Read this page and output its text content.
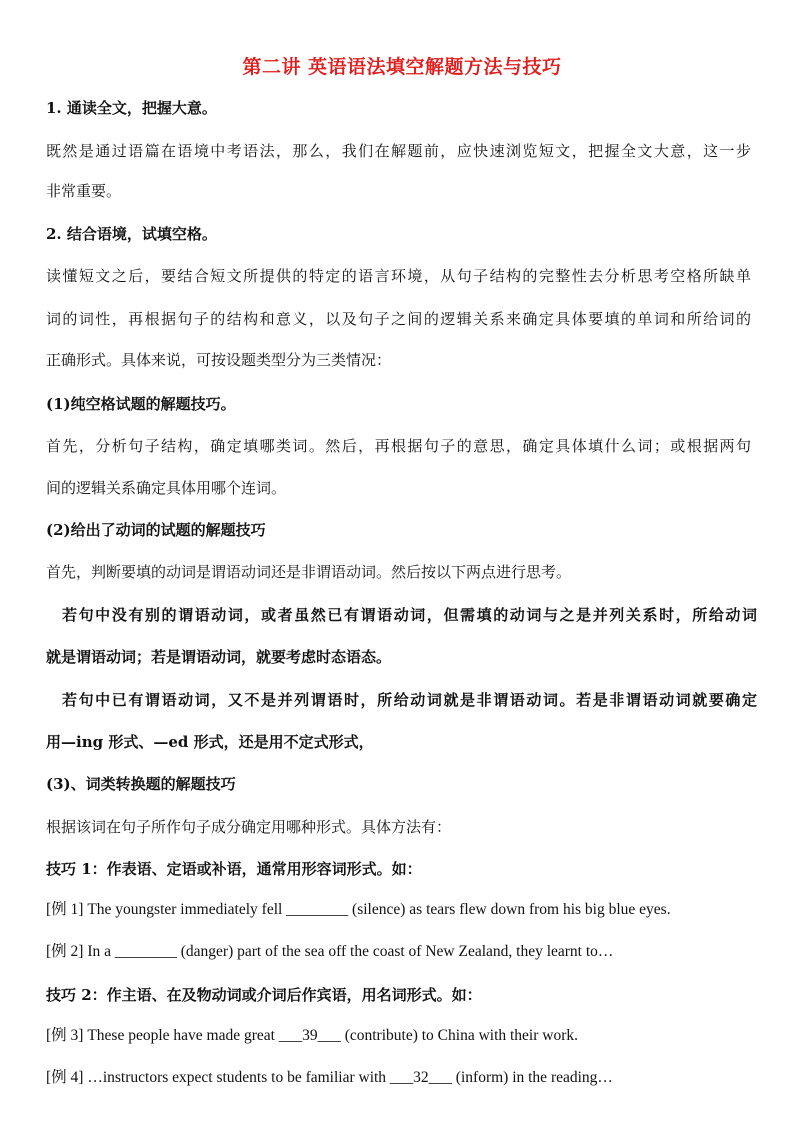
第二讲 英语语法填空解题方法与技巧
1. 通读全文，把握大意。
既然是通过语篇在语境中考语法，那么，我们在解题前，应快速浏览短文，把握全文大意，这一步
非常重要。
2. 结合语境，试填空格。
读懂短文之后，要结合短文所提供的特定的语言环境，从句子结构的完整性去分析思考空格所缺单
词的词性，再根据句子的结构和意义，以及句子之间的逻辑关系来确定具体要填的单词和所给词的
正确形式。具体来说，可按设题类型分为三类情况：
(1)纯空格试题的解题技巧。
首先，分析句子结构，确定填哪类词。然后，再根据句子的意思，确定具体填什么词；或根据两句
间的逻辑关系确定具体用哪个连词。
(2)给出了动词的试题的解题技巧
首先，判断要填的动词是谓语动词还是非谓语动词。然后按以下两点进行思考。
若句中没有别的谓语动词，或者虽然已有谓语动词，但需填的动词与之是并列关系时，所给动词
就是谓语动词；若是谓语动词，就要考虑时态语态。
若句中已有谓语动词，又不是并列谓语时，所给动词就是非谓语动词。若是非谓语动词就要确定
用—ing 形式、—ed 形式，还是用不定式形式，
(3)、词类转换题的解题技巧
根据该词在句子所作句子成分确定用哪种形式。具体方法有：
技巧 1：作表语、定语或补语，通常用形容词形式。如：
[例 1] The youngster immediately fell ________ (silence) as tears flew down from his big blue eyes.
[例 2] In a ________ (danger) part of the sea off the coast of New Zealand, they learnt to…
技巧 2：作主语、在及物动词或介词后作宾语，用名词形式。如：
[例 3] These people have made great ___39___ (contribute) to China with their work.
[例 4] …instructors expect students to be familiar with ___32___ (inform) in the reading…
